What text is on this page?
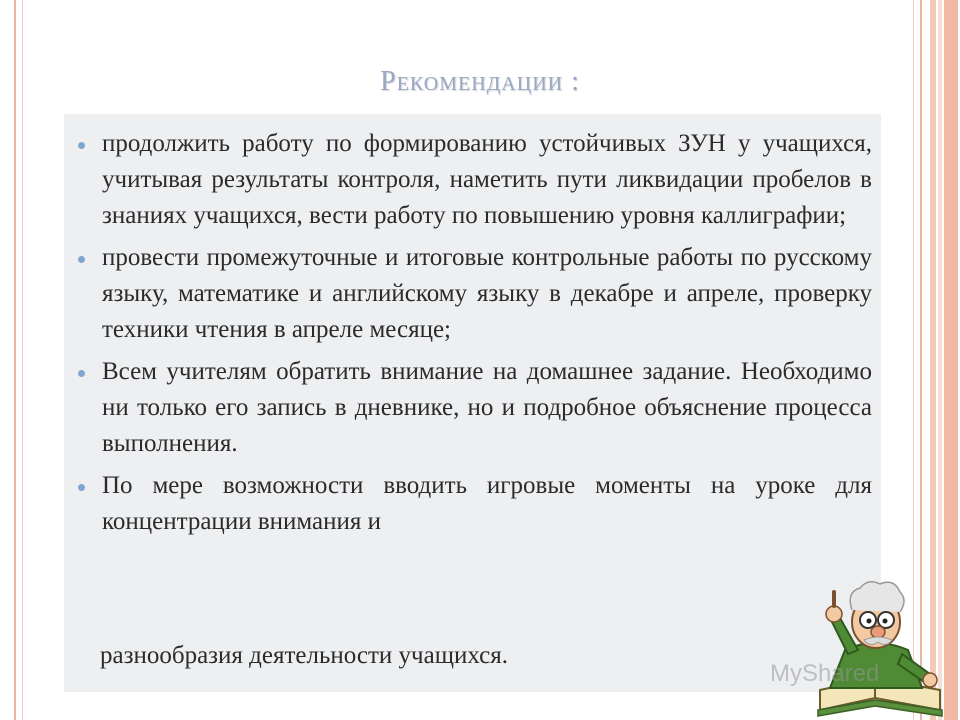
Рекомендации :
продолжить работу по формированию устойчивых ЗУН у учащихся, учитывая результаты контроля, наметить пути ликвидации пробелов в знаниях учащихся, вести работу по повышению уровня каллиграфии;
провести промежуточные и итоговые контрольные работы по русскому языку, математике и английскому языку в декабре и апреле, проверку техники чтения в апреле месяце;
Всем учителям обратить внимание на домашнее задание. Необходимо ни только его запись в дневнике, но и подробное объяснение процесса выполнения.
По мере возможности вводить игровые моменты на уроке для концентрации внимания и
разнообразия деятельности учащихся.
MyShared
